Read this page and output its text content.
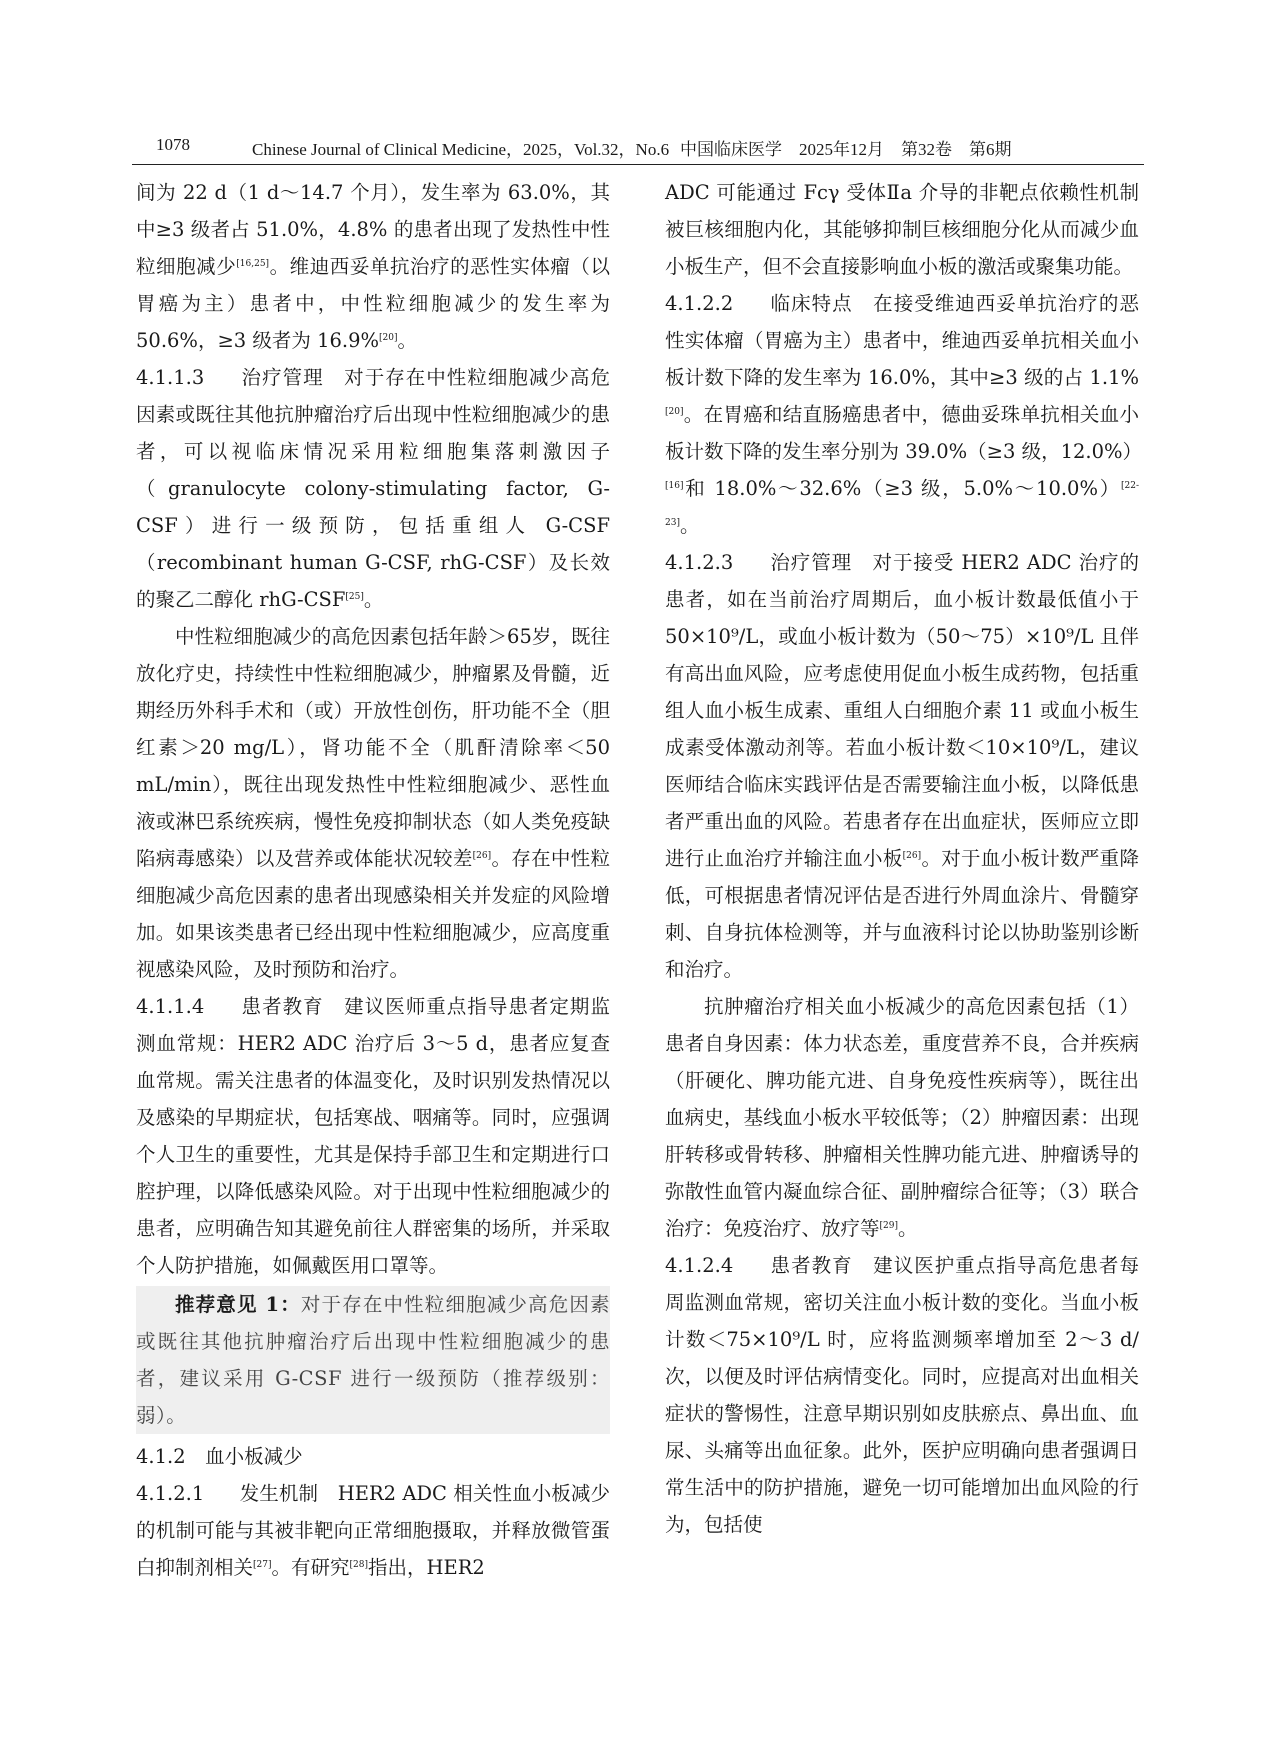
1078	Chinese Journal of Clinical Medicine，2025，Vol.32，No.6 中国临床医学　2025年12月　第32卷　第6期

间为 22 d（1 d～14.7 个月），发生率为 63.0%，其中≥3 级者占 51.0%，4.8% 的患者出现了发热性中性粒细胞减少[16,25]。维迪西妥单抗治疗的恶性实体瘤（以胃癌为主）患者中，中性粒细胞减少的发生率为 50.6%，≥3 级者为 16.9%[20]。

4.1.1.3　 治疗管理　 对于存在中性粒细胞减少高危因素或既往其他抗肿瘤治疗后出现中性粒细胞减少的患者，可以视临床情况采用粒细胞集落刺激因子（granulocyte colony-stimulating factor, G-CSF）进行一级预防，包括重组人 G-CSF（recombinant human G-CSF, rhG-CSF）及长效的聚乙二醇化 rhG-CSF[25]。

中性粒细胞减少的高危因素包括年龄＞65岁，既往放化疗史，持续性中性粒细胞减少，肿瘤累及骨髓，近期经历外科手术和（或）开放性创伤，肝功能不全（胆红素＞20 mg/L），肾功能不全（肌酐清除率＜50 mL/min），既往出现发热性中性粒细胞减少、恶性血液或淋巴系统疾病，慢性免疫抑制状态（如人类免疫缺陷病毒感染）以及营养或体能状况较差[26]。存在中性粒细胞减少高危因素的患者出现感染相关并发症的风险增加。如果该类患者已经出现中性粒细胞减少，应高度重视感染风险，及时预防和治疗。

4.1.1.4　 患者教育　 建议医师重点指导患者定期监测血常规：HER2 ADC 治疗后 3～5 d，患者应复查血常规。需关注患者的体温变化，及时识别发热情况以及感染的早期症状，包括寒战、咽痛等。同时，应强调个人卫生的重要性，尤其是保持手部卫生和定期进行口腔护理，以降低感染风险。对于出现中性粒细胞减少的患者，应明确告知其避免前往人群密集的场所，并采取个人防护措施，如佩戴医用口罩等。

推荐意见 1：对于存在中性粒细胞减少高危因素或既往其他抗肿瘤治疗后出现中性粒细胞减少的患者，建议采用 G-CSF 进行一级预防（推荐级别：弱）。

4.1.2　血小板减少

4.1.2.1　 发生机制　 HER2 ADC 相关性血小板减少的机制可能与其被非靶向正常细胞摄取，并释放微管蛋白抑制剂相关[27]。有研究[28]指出，HER2

ADC 可能通过 Fcγ 受体Ⅱa 介导的非靶点依赖性机制被巨核细胞内化，其能够抑制巨核细胞分化从而减少血小板生产，但不会直接影响血小板的激活或聚集功能。

4.1.2.2　 临床特点　 在接受维迪西妥单抗治疗的恶性实体瘤（胃癌为主）患者中，维迪西妥单抗相关血小板计数下降的发生率为 16.0%，其中≥3 级的占 1.1%[20]。在胃癌和结直肠癌患者中，德曲妥珠单抗相关血小板计数下降的发生率分别为 39.0%（≥3 级，12.0%）[16]和 18.0%～32.6%（≥3 级，5.0%～10.0%）[22-23]。

4.1.2.3　 治疗管理　 对于接受 HER2 ADC 治疗的患者，如在当前治疗周期后，血小板计数最低值小于 50×10⁹/L，或血小板计数为（50～75）×10⁹/L 且伴有高出血风险，应考虑使用促血小板生成药物，包括重组人血小板生成素、重组人白细胞介素 11 或血小板生成素受体激动剂等。若血小板计数＜10×10⁹/L，建议医师结合临床实践评估是否需要输注血小板，以降低患者严重出血的风险。若患者存在出血症状，医师应立即进行止血治疗并输注血小板[26]。对于血小板计数严重降低，可根据患者情况评估是否进行外周血涂片、骨髓穿刺、自身抗体检测等，并与血液科讨论以协助鉴别诊断和治疗。

抗肿瘤治疗相关血小板减少的高危因素包括（1）患者自身因素：体力状态差，重度营养不良，合并疾病（肝硬化、脾功能亢进、自身免疫性疾病等），既往出血病史，基线血小板水平较低等；（2）肿瘤因素：出现肝转移或骨转移、肿瘤相关性脾功能亢进、肿瘤诱导的弥散性血管内凝血综合征、副肿瘤综合征等；（3）联合治疗：免疫治疗、放疗等[29]。

4.1.2.4　 患者教育　 建议医护重点指导高危患者每周监测血常规，密切关注血小板计数的变化。当血小板计数＜75×10⁹/L 时，应将监测频率增加至 2～3 d/次，以便及时评估病情变化。同时，应提高对出血相关症状的警惕性，注意早期识别如皮肤瘀点、鼻出血、血尿、头痛等出血征象。此外，医护应明确向患者强调日常生活中的防护措施，避免一切可能增加出血风险的行为，包括使
